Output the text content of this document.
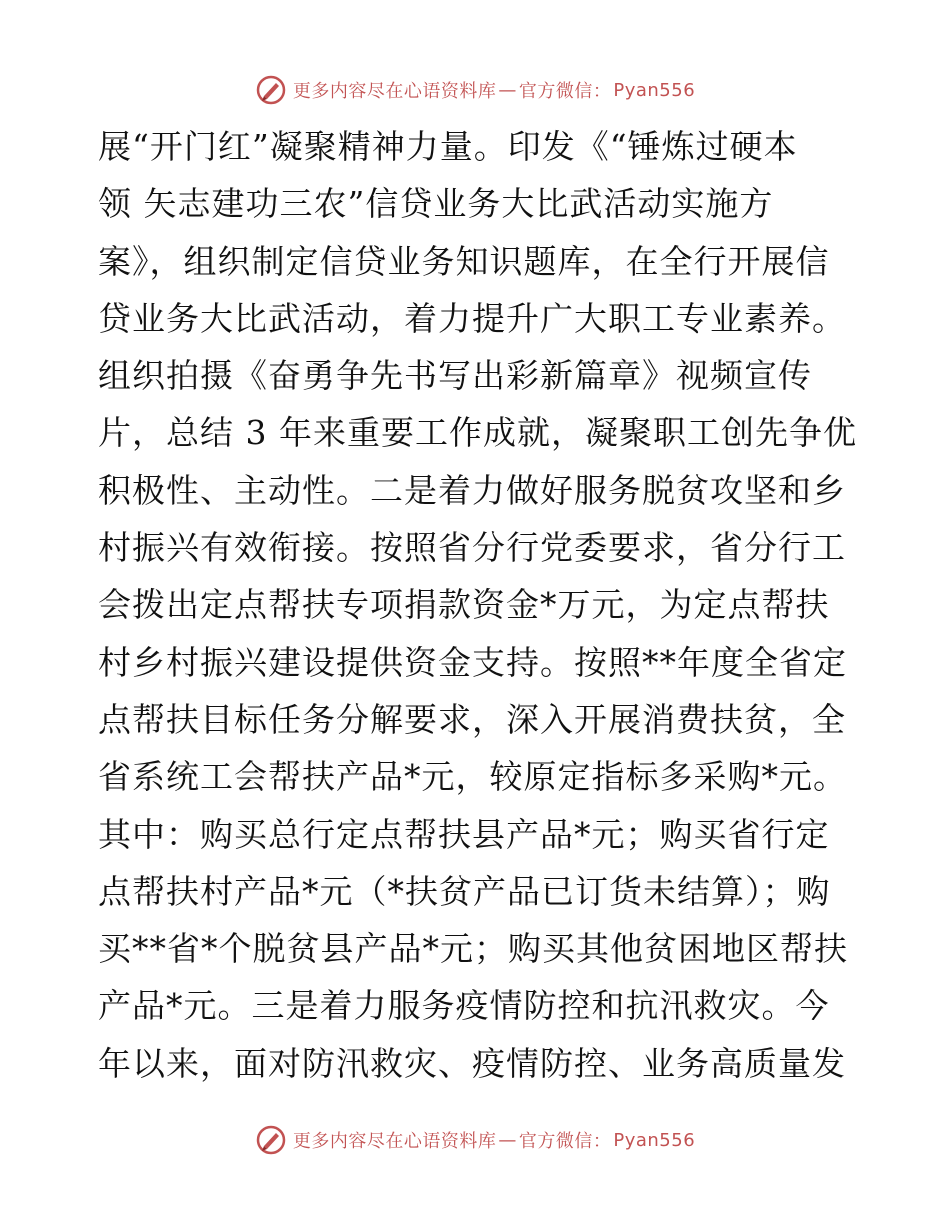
更多内容尽在心语资料库 — 官方微信： Pyan556
展“开门红”凝聚精神力量。印发《“锤炼过硬本
领 矢志建功三农”信贷业务大比武活动实施方
案》，组织制定信贷业务知识题库，在全行开展信
贷业务大比武活动，着力提升广大职工专业素养。
组织拍摄《奋勇争先书写出彩新篇章》视频宣传
片，总结 3 年来重要工作成就，凝聚职工创先争优
积极性、主动性。二是着力做好服务脱贫攻坚和乡
村振兴有效衔接。按照省分行党委要求，省分行工
会拨出定点帮扶专项捐款资金*万元，为定点帮扶
村乡村振兴建设提供资金支持。按照**年度全省定
点帮扶目标任务分解要求，深入开展消费扶贫，全
省系统工会帮扶产品*元，较原定指标多采购*元。
其中：购买总行定点帮扶县产品*元；购买省行定
点帮扶村产品*元（*扶贫产品已订货未结算）；购
买**省*个脱贫县产品*元；购买其他贫困地区帮扶
产品*元。三是着力服务疫情防控和抗汛救灾。今
年以来，面对防汛救灾、疫情防控、业务高质量发
更多内容尽在心语资料库 — 官方微信： Pyan556
